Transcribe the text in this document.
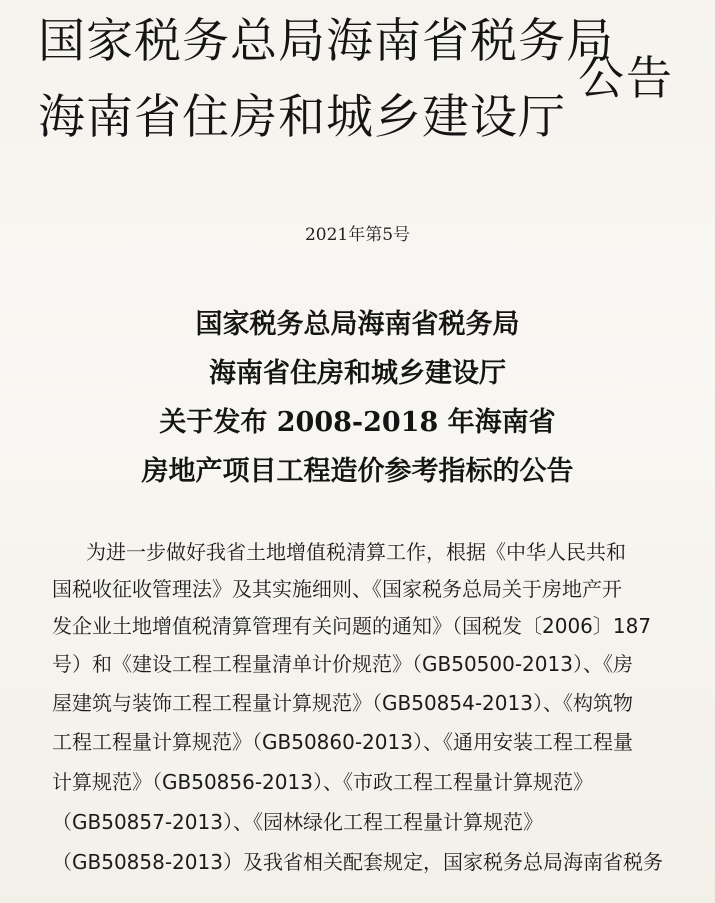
国家税务总局海南省税务局
海南省住房和城乡建设厅
公告
2021年第5号
国家税务总局海南省税务局
海南省住房和城乡建设厅
关于发布 2008-2018 年海南省
房地产项目工程造价参考指标的公告
为进一步做好我省土地增值税清算工作，根据《中华人民共和
国税收征收管理法》及其实施细则、《国家税务总局关于房地产开
发企业土地增值税清算管理有关问题的通知》（国税发〔2006〕187
号）和《建设工程工程量清单计价规范》（GB50500-2013）、《房
屋建筑与装饰工程工程量计算规范》（GB50854-2013）、《构筑物
工程工程量计算规范》（GB50860-2013）、《通用安装工程工程量
计算规范》（GB50856-2013）、《市政工程工程量计算规范》
（GB50857-2013）、《园林绿化工程工程量计算规范》
（GB50858-2013）及我省相关配套规定，国家税务总局海南省税务
